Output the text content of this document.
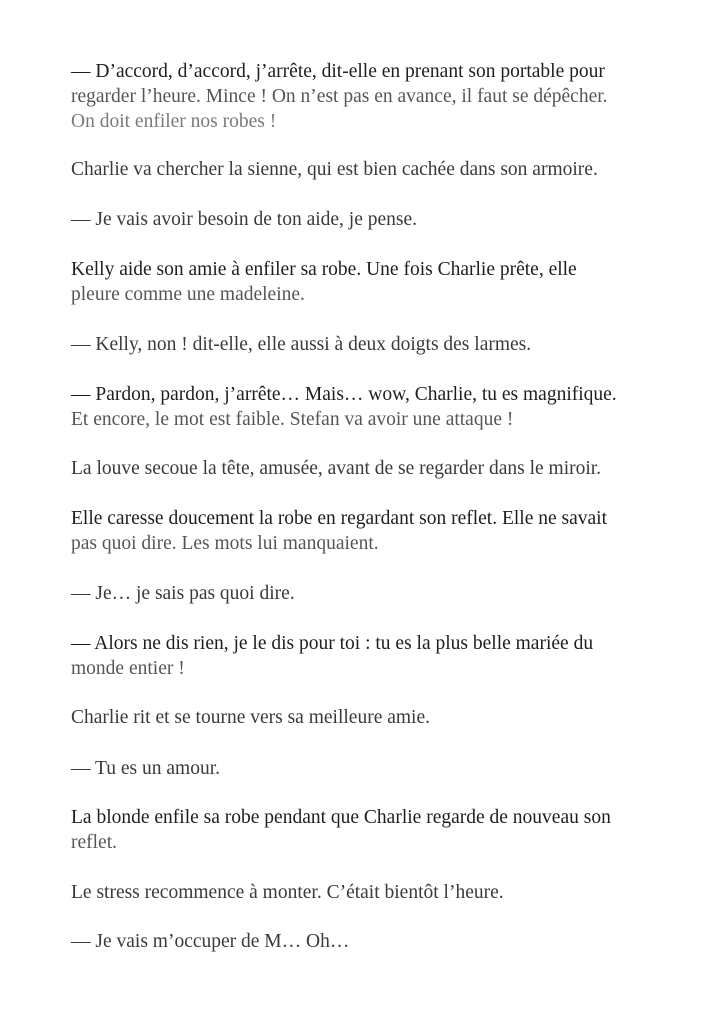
— D’accord, d’accord, j’arrête, dit-elle en prenant son portable pour
regarder l’heure. Mince ! On n’est pas en avance, il faut se dépêcher.
On doit enfiler nos robes !
Charlie va chercher la sienne, qui est bien cachée dans son armoire.
— Je vais avoir besoin de ton aide, je pense.
Kelly aide son amie à enfiler sa robe. Une fois Charlie prête, elle
pleure comme une madeleine.
— Kelly, non ! dit-elle, elle aussi à deux doigts des larmes.
— Pardon, pardon, j’arrête… Mais… wow, Charlie, tu es magnifique.
Et encore, le mot est faible. Stefan va avoir une attaque !
La louve secoue la tête, amusée, avant de se regarder dans le miroir.
Elle caresse doucement la robe en regardant son reflet. Elle ne savait
pas quoi dire. Les mots lui manquaient.
— Je… je sais pas quoi dire.
— Alors ne dis rien, je le dis pour toi : tu es la plus belle mariée du
monde entier !
Charlie rit et se tourne vers sa meilleure amie.
— Tu es un amour.
La blonde enfile sa robe pendant que Charlie regarde de nouveau son
reflet.
Le stress recommence à monter. C’était bientôt l’heure.
— Je vais m’occuper de M… Oh…
